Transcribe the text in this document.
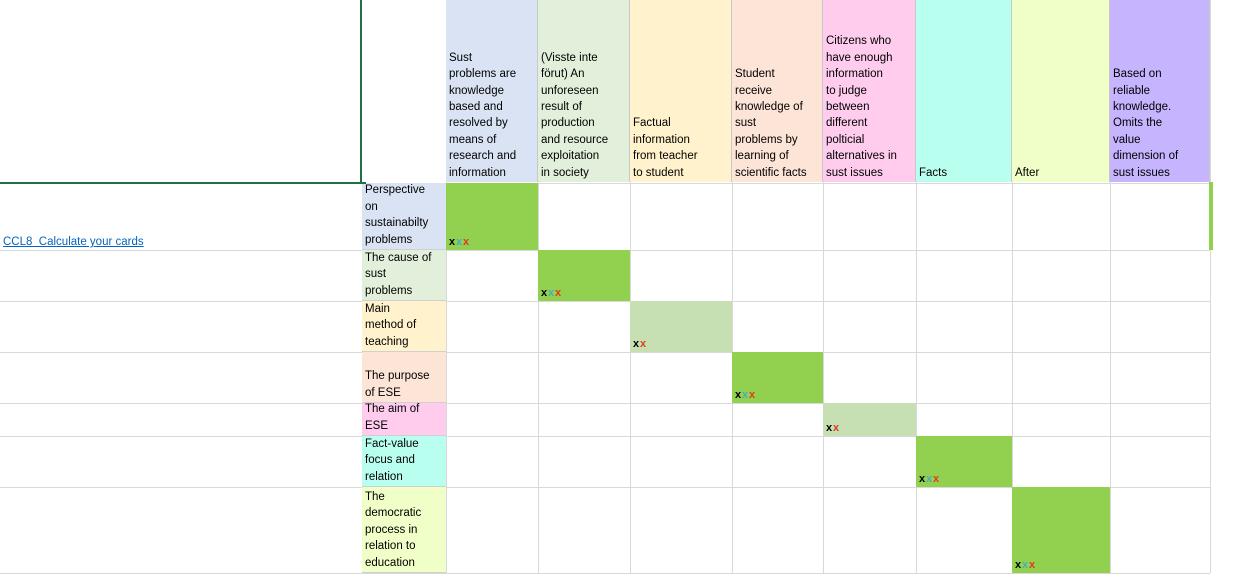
Sust
problems are
knowledge
based and
resolved by
means of
research and
information
(Visste inte
förut) An
unforeseen
result of
production
and resource
exploitation
in society
Factual
information
from teacher
to student
Student
receive
knowledge of
sust
problems by
learning of
scientific facts
Citizens who
have enough
information
to judge
between
different
polticial
alternatives in
sust issues	Facts	After
Based on
reliable
knowledge.
Omits the
value
dimension of
sust issues
Perspective
on
sustainabilty
problems
The cause of
sust
problems
Main
method of
teaching
The purpose
of ESE
The aim of
ESE
Fact-value
focus and
relation
The
democratic
process in
relation to
education
x x x
x x x
x x
x x x
x x
x x x
x x x
CCL8  Calculate your cards
